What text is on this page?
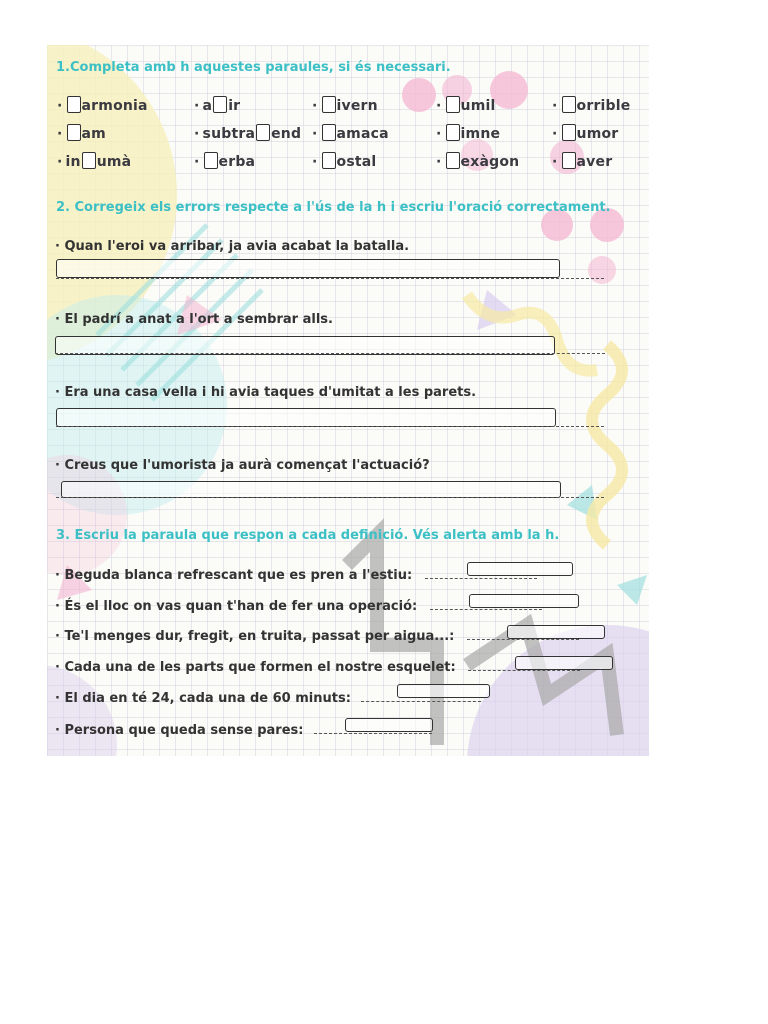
1.Completa amb h aquestes paraules, si és necessari.
· armonia	· a ir	· ivern	· umil	· orrible
· am	· subtra end · amaca	· imne	· umor
· in umà	· erba	· ostal	· exàgon · aver
2. Corregeix els errors respecte a l'ús de la h i escriu l'oració correctament.
· Quan l'eroi va arribar, ja avia acabat la batalla.
· El padrí a anat a l'ort a sembrar alls.
· Era una casa vella i hi avia taques d'umitat a les parets.
· Creus que l'umorista ja aurà començat l'actuació?
3. Escriu la paraula que respon a cada definició. Vés alerta amb la h.
· Beguda blanca refrescant que es pren a l'estiu:
· És el lloc on vas quan t'han de fer una operació:
· Te'l menges dur, fregit, en truita, passat per aigua...:
· Cada una de les parts que formen el nostre esquelet:
· El dia en té 24, cada una de 60 minuts:
· Persona que queda sense pares:
